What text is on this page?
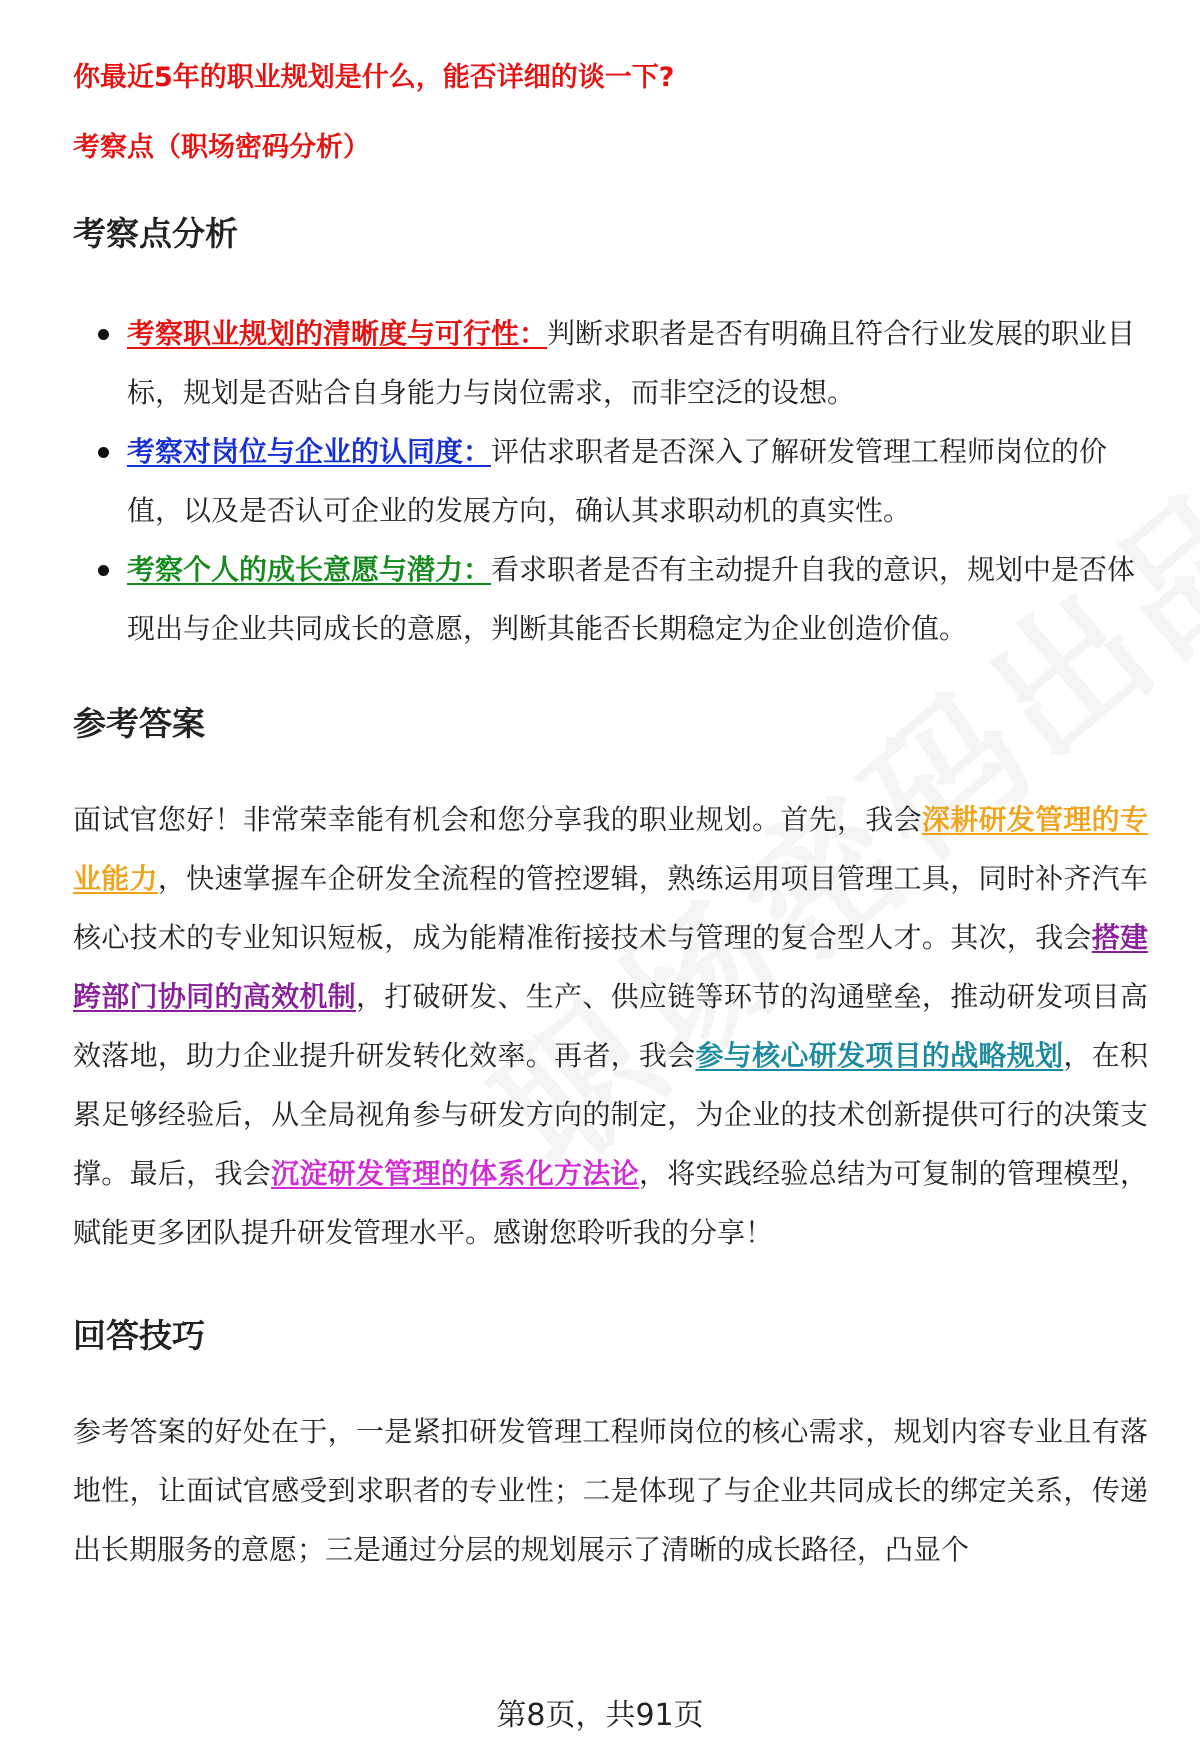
你最近5年的职业规划是什么，能否详细的谈一下?

考察点（职场密码分析）

考察点分析
考察职业规划的清晰度与可行性：判断求职者是否有明确且符合行业发展的职业目标，规划是否贴合自身能力与岗位需求，而非空泛的设想。
考察对岗位与企业的认同度：评估求职者是否深入了解研发管理工程师岗位的价值，以及是否认可企业的发展方向，确认其求职动机的真实性。
考察个人的成长意愿与潜力：看求职者是否有主动提升自我的意识，规划中是否体现出与企业共同成长的意愿，判断其能否长期稳定为企业创造价值。
参考答案

面试官您好！非常荣幸能有机会和您分享我的职业规划。首先，我会深耕研发管理的专业能力，快速掌握车企研发全流程的管控逻辑，熟练运用项目管理工具，同时补齐汽车核心技术的专业知识短板，成为能精准衔接技术与管理的复合型人才。其次，我会搭建跨部门协同的高效机制，打破研发、生产、供应链等环节的沟通壁垒，推动研发项目高效落地，助力企业提升研发转化效率。再者，我会参与核心研发项目的战略规划，在积累足够经验后，从全局视角参与研发方向的制定，为企业的技术创新提供可行的决策支撑。最后，我会沉淀研发管理的体系化方法论，将实践经验总结为可复制的管理模型，赋能更多团队提升研发管理水平。感谢您聆听我的分享！

回答技巧

参考答案的好处在于，一是紧扣研发管理工程师岗位的核心需求，规划内容专业且有落地性，让面试官感受到求职者的专业性；二是体现了与企业共同成长的绑定关系，传递出长期服务的意愿；三是通过分层的规划展示了清晰的成长路径，凸显个

第8页，共91页
